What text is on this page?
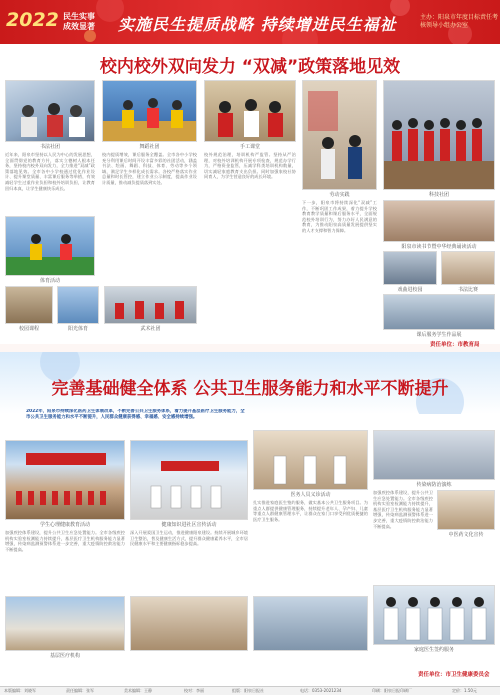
2022 民生实事 成效显著	实施民生提质战略 持续增进民生福祉	主办：阳泉市年度目标责任考核领导小组办公室
校内校外双向发力 “双减”政策落地见效
书法社团	舞蹈社团	手工课堂
劳动实践	科技社团
近年来，阳泉市坚持以人民为中心的发展思想，全面贯彻党的教育方针，落实立德树人根本任务，坚持校内校外双向发力，全力推进“双减”政策落地见效。全市各中小学校通过优化作业设计、提升课堂质量、丰富课后服务等举措，有效减轻学生过重作业负担和校外培训负担，让教育回归本真，让学生健康快乐成长。
体育活动
校内提质增效，课后服务全覆盖。全市各中小学校充分利用课后时间开设丰富多彩的社团活动，涵盖书法、绘画、舞蹈、科技、体育、劳动等多个领域，满足学生多样化成长需求。各校严格落实作业总量和时长管控，建立作业公示制度，提高作业设计质量，推动减负提质落到实处。
校外规范治理，培训机构严监管。坚持从严治理，对校外培训机构开展专项检查，规范办学行为，严格资金监管，压减学科类培训机构数量，切实减轻家庭教育支出负担。同时加强家校社协同育人，为学生营造良好的成长环境。
校园课程	阳光体育	武术社团
下一步，阳泉市将持续深化“双减”工作，不断巩固工作成果，着力提升学校教育教学质量和课后服务水平，全面规范校外培训行为，努力办好人民满意的教育，为推动阳泉高质量发展提供坚实的人才支撑和智力保障。
阳泉市读书节暨中华经典诵读活动
戏曲进校园	书法比赛
课后服务学生作品展
责任单位：市教育局
完善基础健全体系 公共卫生服务能力和水平不断提升
2022年，阳泉市持续深化医药卫生体制改革，不断完善公共卫生服务体系，着力提升基层医疗卫生服务能力，全市公共卫生服务能力和水平不断提升，人民群众健康获得感、幸福感、安全感持续增强。
学生心理健康教育活动	健康知识进社区宣传活动
医务人员义诊活动
加强疾控体系建设，提升公共卫生应急处置能力。全市各级疾控机构实验室检测能力持续提升，基层医疗卫生机构服务能力显著增强，传染病监测预警体系进一步完善，重大疫情防控救治能力不断提高。
深入开展爱国卫生运动，推进健康阳泉建设。持续开展城乡环境卫生整治，普及健康生活方式，提升群众健康素养水平，全市居民健康水平和主要健康指标稳步提高。
扎实推进家庭医生签约服务，做实基本公共卫生服务项目。为重点人群提供健康管理服务，持续提升老年人、孕产妇、儿童等重点人群健康管理水平，让群众在家门口享受到优质便捷的医疗卫生服务。
传染病防治演练
加强疾控体系建设，提升公共卫生应急处置能力。全市各级疾控机构实验室检测能力持续提升，基层医疗卫生机构服务能力显著增强，传染病监测预警体系进一步完善，重大疫情防控救治能力不断提高。
中医药文化宣传
家庭医生签约服务
基层医疗机构
责任单位：市卫生健康委员会
本版编辑：刘晓军	责任编辑：张军	美术编辑：王静	校对：李丽	组版：阳泉日报社	电话：0353-2021234	印刷：阳泉日报印刷厂	定价：1.50元
